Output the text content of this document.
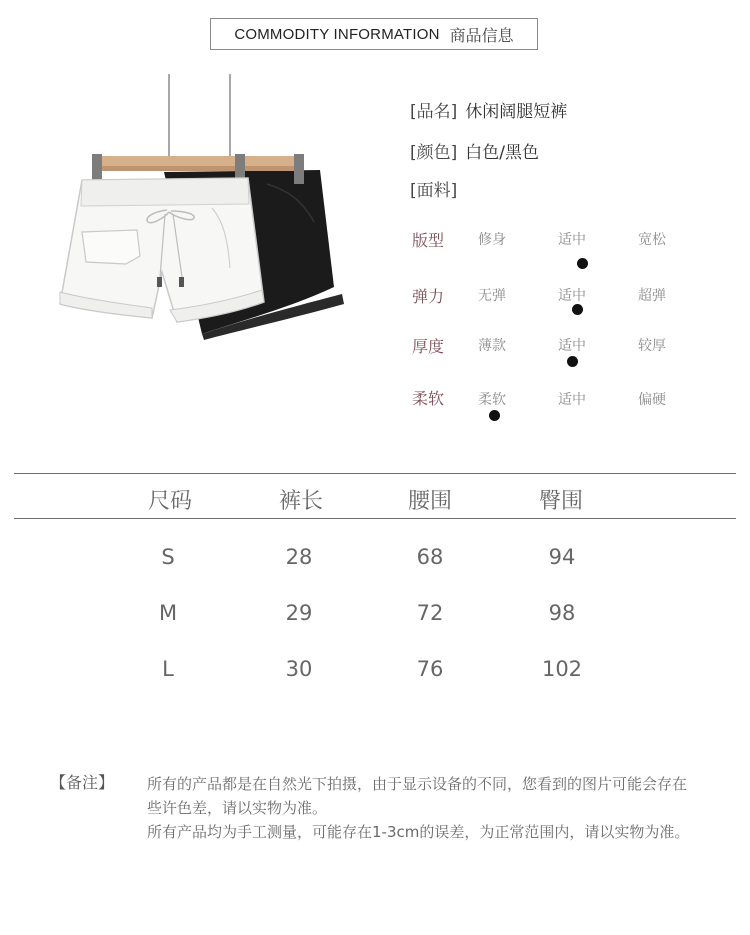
COMMODITY INFORMATION 商品信息
[品名] 休闲阔腿短裤
[颜色] 白色/黑色
[面料]
版型 修身	适中	宽松
弹力 无弹	适中	超弹
厚度 薄款	适中	较厚
柔软 柔软	适中	偏硬
尺码	裤长	腰围	臀围
S	28	68	94
M	29	72	98
L	30	76	102
【备注】 所有的产品都是在自然光下拍摄，由于显示设备的不同，您看到的图片可能会存在些许色差，请以实物为准。
所有产品均为手工测量，可能存在1-3cm的误差，为正常范围内，请以实物为准。
